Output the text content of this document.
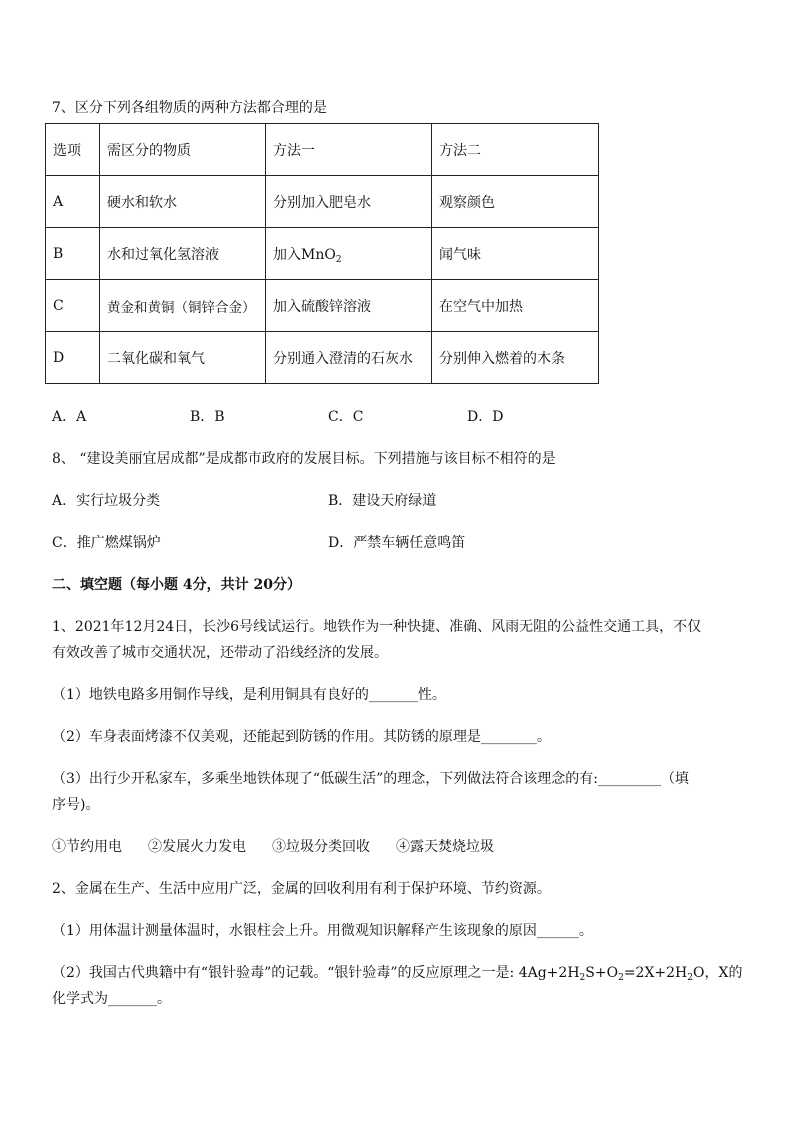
7、区分下列各组物质的两种方法都合理的是
选项	需区分的物质	方法一	方法二
A	硬水和软水	分别加入肥皂水	观察颜色
B	水和过氧化氢溶液	加入MnO$_2$	闻气味
C	黄金和黄铜（铜锌合金）	加入硫酸锌溶液	在空气中加热
D	二氧化碳和氧气	分别通入澄清的石灰水	分别伸入燃着的木条
A．A	B．B	C．C	D．D
8、 “建设美丽宜居成都”是成都市政府的发展目标。下列措施与该目标不相符的是
A．实行垃圾分类	B．建设天府绿道
C．推广燃煤锅炉	D．严禁车辆任意鸣笛
二、填空题（每小题 4分，共计 20分）
1、2021年12月24日，长沙6号线试运行。地铁作为一种快捷、准确、风雨无阻的公益性交通工具，不仅
有效改善了城市交通状况，还带动了沿线经济的发展。
（1）地铁电路多用铜作导线，是利用铜具有良好的_______性。
（2）车身表面烤漆不仅美观，还能起到防锈的作用。其防锈的原理是________。
（3）出行少开私家车，多乘坐地铁体现了“低碳生活”的理念，下列做法符合该理念的有:_________（填
序号)。
①节约用电 ②发展火力发电 ③垃圾分类回收 ④露天焚烧垃圾
2、金属在生产、生活中应用广泛，金属的回收利用有利于保护环境、节约资源。
（1）用体温计测量体温时，水银柱会上升。用微观知识解释产生该现象的原因______。
（2）我国古代典籍中有“银针验毒”的记载。“银针验毒”的反应原理之一是: $4Ag+2H_2S+O_2=2X+2H_2O$，X的
化学式为_______。
